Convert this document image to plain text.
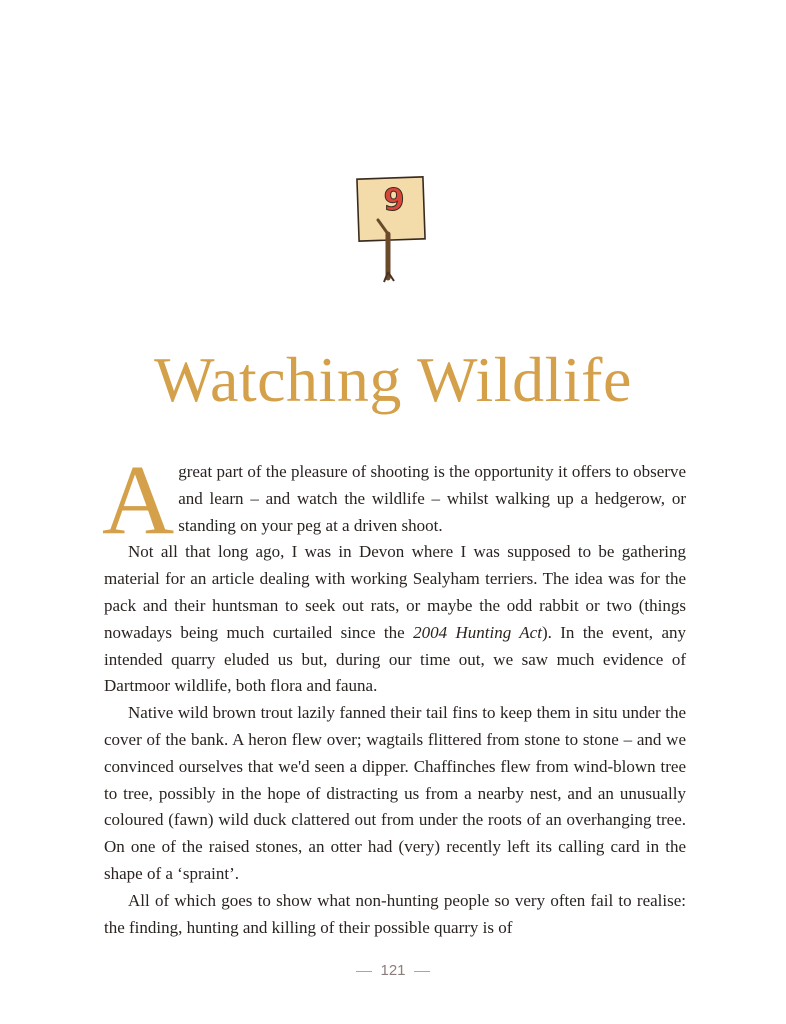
9
Watching Wildlife

Agreat part of the pleasure of shooting is the opportunity it offers to observe and learn – and watch the wildlife – whilst walking up a hedgerow, or standing on your peg at a driven shoot.

Not all that long ago, I was in Devon where I was supposed to be gathering material for an article dealing with working Sealyham terriers. The idea was for the pack and their huntsman to seek out rats, or maybe the odd rabbit or two (things nowadays being much curtailed since the 2004 Hunting Act). In the event, any intended quarry eluded us but, during our time out, we saw much evidence of Dartmoor wildlife, both flora and fauna.

Native wild brown trout lazily fanned their tail fins to keep them in situ under the cover of the bank. A heron flew over; wagtails flittered from stone to stone – and we convinced ourselves that we'd seen a dipper. Chaffinches flew from wind-blown tree to tree, possibly in the hope of distracting us from a nearby nest, and an unusually coloured (fawn) wild duck clattered out from under the roots of an overhanging tree. On one of the raised stones, an otter had (very) recently left its calling card in the shape of a ‘spraint’.

All of which goes to show what non-hunting people so very often fail to realise: the finding, hunting and killing of their possible quarry is of

121
